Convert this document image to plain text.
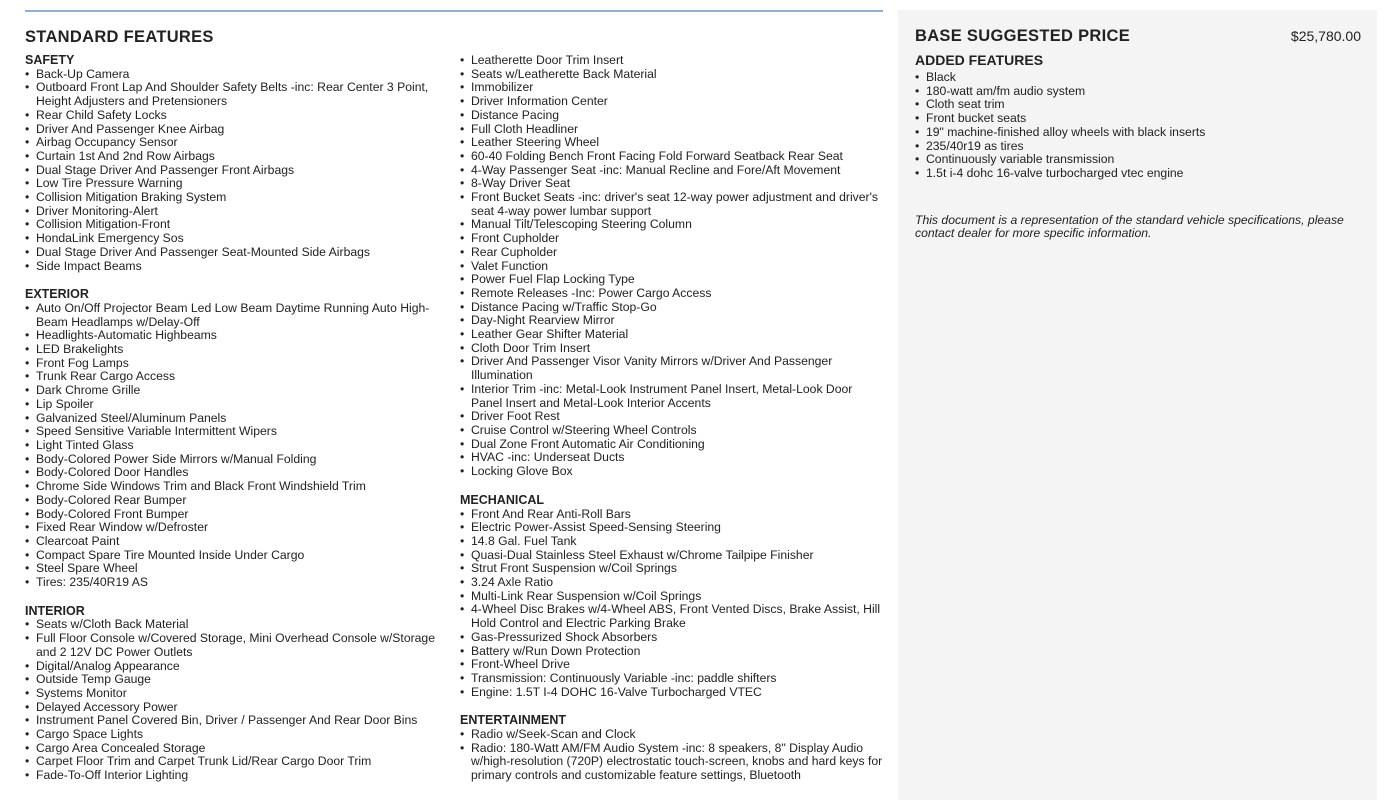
STANDARD FEATURES
SAFETY
• Back-Up Camera
• Outboard Front Lap And Shoulder Safety Belts -inc: Rear Center 3 Point, Height Adjusters and Pretensioners
• Rear Child Safety Locks
• Driver And Passenger Knee Airbag
• Airbag Occupancy Sensor
• Curtain 1st And 2nd Row Airbags
• Dual Stage Driver And Passenger Front Airbags
• Low Tire Pressure Warning
• Collision Mitigation Braking System
• Driver Monitoring-Alert
• Collision Mitigation-Front
• HondaLink Emergency Sos
• Dual Stage Driver And Passenger Seat-Mounted Side Airbags
• Side Impact Beams
EXTERIOR
• Auto On/Off Projector Beam Led Low Beam Daytime Running Auto High-Beam Headlamps w/Delay-Off
• Headlights-Automatic Highbeams
• LED Brakelights
• Front Fog Lamps
• Trunk Rear Cargo Access
• Dark Chrome Grille
• Lip Spoiler
• Galvanized Steel/Aluminum Panels
• Speed Sensitive Variable Intermittent Wipers
• Light Tinted Glass
• Body-Colored Power Side Mirrors w/Manual Folding
• Body-Colored Door Handles
• Chrome Side Windows Trim and Black Front Windshield Trim
• Body-Colored Rear Bumper
• Body-Colored Front Bumper
• Fixed Rear Window w/Defroster
• Clearcoat Paint
• Compact Spare Tire Mounted Inside Under Cargo
• Steel Spare Wheel
• Tires: 235/40R19 AS
INTERIOR
• Seats w/Cloth Back Material
• Full Floor Console w/Covered Storage, Mini Overhead Console w/Storage and 2 12V DC Power Outlets
• Digital/Analog Appearance
• Outside Temp Gauge
• Systems Monitor
• Delayed Accessory Power
• Instrument Panel Covered Bin, Driver / Passenger And Rear Door Bins
• Cargo Space Lights
• Cargo Area Concealed Storage
• Carpet Floor Trim and Carpet Trunk Lid/Rear Cargo Door Trim
• Fade-To-Off Interior Lighting
• Leatherette Door Trim Insert
• Seats w/Leatherette Back Material
• Immobilizer
• Driver Information Center
• Distance Pacing
• Full Cloth Headliner
• Leather Steering Wheel
• 60-40 Folding Bench Front Facing Fold Forward Seatback Rear Seat
• 4-Way Passenger Seat -inc: Manual Recline and Fore/Aft Movement
• 8-Way Driver Seat
• Front Bucket Seats -inc: driver's seat 12-way power adjustment and driver's seat 4-way power lumbar support
• Manual Tilt/Telescoping Steering Column
• Front Cupholder
• Rear Cupholder
• Valet Function
• Power Fuel Flap Locking Type
• Remote Releases -Inc: Power Cargo Access
• Distance Pacing w/Traffic Stop-Go
• Day-Night Rearview Mirror
• Leather Gear Shifter Material
• Cloth Door Trim Insert
• Driver And Passenger Visor Vanity Mirrors w/Driver And Passenger Illumination
• Interior Trim -inc: Metal-Look Instrument Panel Insert, Metal-Look Door Panel Insert and Metal-Look Interior Accents
• Driver Foot Rest
• Cruise Control w/Steering Wheel Controls
• Dual Zone Front Automatic Air Conditioning
• HVAC -inc: Underseat Ducts
• Locking Glove Box
MECHANICAL
• Front And Rear Anti-Roll Bars
• Electric Power-Assist Speed-Sensing Steering
• 14.8 Gal. Fuel Tank
• Quasi-Dual Stainless Steel Exhaust w/Chrome Tailpipe Finisher
• Strut Front Suspension w/Coil Springs
• 3.24 Axle Ratio
• Multi-Link Rear Suspension w/Coil Springs
• 4-Wheel Disc Brakes w/4-Wheel ABS, Front Vented Discs, Brake Assist, Hill Hold Control and Electric Parking Brake
• Gas-Pressurized Shock Absorbers
• Battery w/Run Down Protection
• Front-Wheel Drive
• Transmission: Continuously Variable -inc: paddle shifters
• Engine: 1.5T I-4 DOHC 16-Valve Turbocharged VTEC
ENTERTAINMENT
• Radio w/Seek-Scan and Clock
• Radio: 180-Watt AM/FM Audio System -inc: 8 speakers, 8" Display Audio w/high-resolution (720P) electrostatic touch-screen, knobs and hard keys for primary controls and customizable feature settings, Bluetooth
BASE SUGGESTED PRICE	$25,780.00
ADDED FEATURES
• Black
• 180-watt am/fm audio system
• Cloth seat trim
• Front bucket seats
• 19" machine-finished alloy wheels with black inserts
• 235/40r19 as tires
• Continuously variable transmission
• 1.5t i-4 dohc 16-valve turbocharged vtec engine
This document is a representation of the standard vehicle specifications, please contact dealer for more specific information.
